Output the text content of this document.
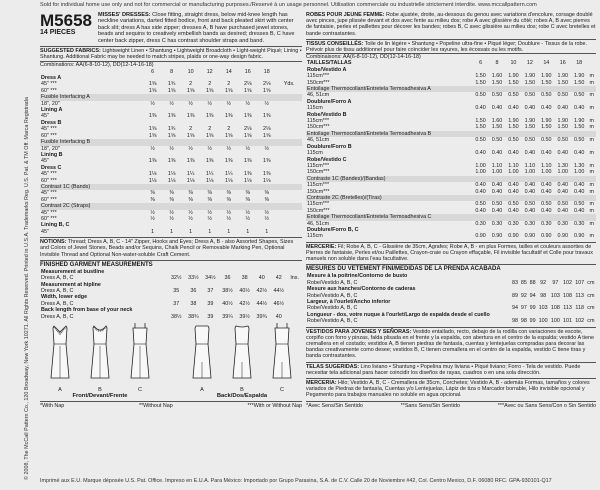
Sold for individual home use only and not for commercial or manufacturing purposes./Reservé à un usage personnel. Utilisation commerciale ou industrielle strictement interdite. www.mccallpattern.com
© 2008, The McCall Pattern Co., 120 Broadway, New York 10271. All Rights Reserved. Printed in U.S.A. Trademarks Reg. U.S. Pat. & TM Off. Marca Registrada
M5658
14 PIECES
MISSES' DRESSES: Close fitting, straight dress, below mid-knee length has neckline variations, darted fitted bodice, front and back pleated skirt with center back slit; dress A has side zipper; dresses A, B have purchased jewel stones, beads and sequins to creatively embellish bands as desired; dresses B, C have center back zipper, dress C has contrast shoulder straps and band.
SUGGESTED FABRICS: Lightweight Linen • Shantung • Lightweight Broadcloth • Light-weight Piqué; Lining • Shantung. Additional Fabric may be needed to match stripes, plaids or one-way design fabric.
Combinations: AA(6-8-10-12), DD(12-14-16-18)
	6	8	10	12	14	16	18	
Dress A								
45" ***	1⅝	1¾	2	2	2	2⅛	2⅛	Yds.
60" ***	1⅝	1⅝	1⅝	1⅝	1⅝	1⅝	1⅝	
Fusible Interfacing A								
18", 20"	½	½	½	½	½	½	½	
Lining A								
45"	1⅜	1⅜	1⅜	1⅜	1⅜	1⅜	1⅜	
Dress B								
45" ***	1⅝	1¾	2	2	2	2⅛	2⅛	
60" ***	1⅝	1⅝	1⅝	1⅝	1⅝	1⅝	1⅝	
Fusible Interfacing B								
18", 20"	½	½	½	½	½	½	½	
Lining B								
45"	1⅜	1⅜	1⅜	1⅜	1⅜	1⅜	1⅜	
Dress C								
45" ***	1⅛	1⅛	1¼	1¼	1¼	1⅜	1⅜	
60" ***	1⅛	1⅛	1⅛	1⅛	1⅛	1⅛	1⅛	
Contrast 1C (Bands)								
45" ***	⅜	⅜	⅜	⅜	⅜	⅜	⅜	
60" ***	⅜	⅜	⅜	⅜	⅜	⅜	⅜	
Contrast 2C (Straps)								
45" ***	½	½	½	½	½	½	½	
60" ***	½	½	½	½	½	½	½	
Lining B, C								
45"	1	1	1	1	1	1	1	
NOTIONS: Thread; Dress A, B, C - 14" Zipper, Hooks and Eyes; Dress A, B - also Assorted Shapes, Sizes and Colors of Jewel Stones, Beads and/or Sequins, Chalk Pencil or Removable Marking Pen, Optional Invisible Thread and Optional Non-water-soluble Craft Cement.
FINISHED GARMENT MEASUREMENTS
Measurement at bustline								
Dress A, B, C	32½	33½	34½	36	38	40	42	Ins.
Measurement at hipline								
Dress A, B, C	35	36	37	38½	40½	42½	44½	
Width, lower edge								
Dress A, B, C	37	38	39	40½	42½	44½	46½	
Back length from base of your neck								
Dress A, B, C	38½	38¾	39	39¼	39½	39¾	40	
A	B	C
Front/Devant/Frente
A	B	C
Back/Dos/Espalda
*With Nap	**Without Nap	***With or Without Nap
ROBES POUR JEUNE FEMME: Robe ajustée, droite, au-dessous du genou avec variations d'encolure, corsage doublé avec pinces, jupe plissée devant et dos avec fente au milieu dos; robe A avec glissière du côté; robes A, B avec pierres de fantaisie, perles et paillettes pour décorer les bandes; robes B, C avec glissière au milieu dos; robe C avec bretelles et bande contrastantes.
TISSUS CONSEILLÉS: Toile de lin légère • Shantung • Popeline ultra-fine • Piqué léger; Doublure - Tissus de la robe. Prévoir plus de tissu additionnel pour faire coïncider les rayures, les écossais ou les motifs.
Combinaisons: AA(6-8-10-12), DD(12-14-16-18)
TAILLES/TALLAS	6	8	10	12	14	16	18	
Robe/Vestido A								
115cm***	1.50	1.60	1.90	1.90	1.90	1.90	1.90	m
150cm***	1.50	1.50	1.50	1.50	1.50	1.50	1.50	m
Entoilage Thermocollant/Entretela Termoadhesiva A								
46, 51cm	0.50	0.50	0.50	0.50	0.50	0.50	0.50	m
Doublure/Forro A								
115cm	0.40	0.40	0.40	0.40	0.40	0.40	0.40	m
Robe/Vestido B								
115cm***	1.50	1.60	1.90	1.90	1.90	1.90	1.90	m
150cm***	1.50	1.50	1.50	1.50	1.50	1.50	1.50	m
Entoilage Thermocollant/Entretela Termoadhesiva B								
46, 51cm	0.50	0.50	0.50	0.50	0.50	0.50	0.50	m
Doublure/Forro B								
115cm	0.40	0.40	0.40	0.40	0.40	0.40	0.40	m
Robe/Vestido C								
115cm***	1.00	1.10	1.10	1.10	1.10	1.30	1.30	m
150cm***	1.00	1.00	1.00	1.00	1.00	1.00	1.00	m
Contraste 1C (Bandes)/(Bandas)								
115cm***	0.40	0.40	0.40	0.40	0.40	0.40	0.40	m
150cm***	0.40	0.40	0.40	0.40	0.40	0.40	0.40	m
Contraste 2C (Bretelles)/(Tiras)								
115cm***	0.50	0.50	0.50	0.50	0.50	0.50	0.50	m
150cm***	0.40	0.40	0.40	0.40	0.40	0.40	0.40	m
Entoilage Thermocollant/Entretela Termoadhesiva C								
46, 51cm	0.30	0.30	0.30	0.30	0.30	0.30	0.30	m
Doublure/Forro B, C								
115cm	0.90	0.90	0.90	0.90	0.90	0.90	0.90	m
MERCERIE: Fil; Robe A, B, C - Glissière de 35cm, Agrafes; Robe A, B - en plus Formes, tailles et couleurs assorties de Pierres de fantaisie, Perles et/ou Paillettes, Crayon-craie ou Crayon effaçable, Fil invisible facultatif et Colle pour travaux manuels non soluble dans l'eau facultative.
MESURES DU VETEMENT FINI/MEDIDAS DE LA PRENDA ACABADA
Mesure à la poitrine/Contorno de busto								
Robe/Vestido A, B, C	83	85	88	92	97	102	107	cm
Mesure aux hanches/Contorno de caderas								
Robe/Vestido A, B, C	89	92	94	98	103	108	113	cm
Largeur, à l'ourlet/Ancho inferior								
Robe/Vestido A, B, C	94	97	99	103	108	113	118	cm
Longueur - dos, votre nuque à l'ourlet/Largo de espalda desde el cuello								
Robe/Vestido A, B, C	98	98	99	100	100	101	102	cm
VESTIDOS PARA JOVENES Y SEÑORAS: Vestido entallado, recto, debajo de la rodilla con variaciones de escote, corpiño con forro y pinzas, falda plisada en el frente y la espalda, con abertura en el centro de la espalda; vestido A tiene cremallera en el costado; vestidos A, B tienen piedras de fantasía, cuentas y lentejuelas compradas para decorar las bandas creativamente como desee; vestidos B, C tienen cremallera en el centro de la espalda, vestido C tiene tiras y banda contrastantes.
TELAS SUGERIDAS: Lino liviano • Shantung • Popelina muy liviana • Piqué liviano; Forro - Tela de vestido. Puede necesitar tela adicional para hacer coincidir los diseños de rayas, cuadros o en una sola dirección.
MERCERIA: Hilo; Vestido A, B, C - Cremallera de 35cm, Corchetes; Vestido A, B - además Formas, tamaños y colores variados de Piedras de fantasía, Cuentas y/o Lentejuelas, Lápiz de tiza o Marcador borrable, Hilo invisible opcional y Pegamento para trabajos manuales no soluble en agua opcional.
*Avec Sens/Sin Sentido	**Sans Sens/Sin Sentido	***Avec ou Sans Sens/Con o Sin Sentido
Imprimé aux E.U. Marque déposée U.S. Pat. Office. Impreso en E.U.A. Para México: Importado por Grupo Parasina, S.A. de C.V. Calle 20 de Noviembre #42, Col. Centro Mexico, D.F. 06080 RFC. GPA-930101-Q17
